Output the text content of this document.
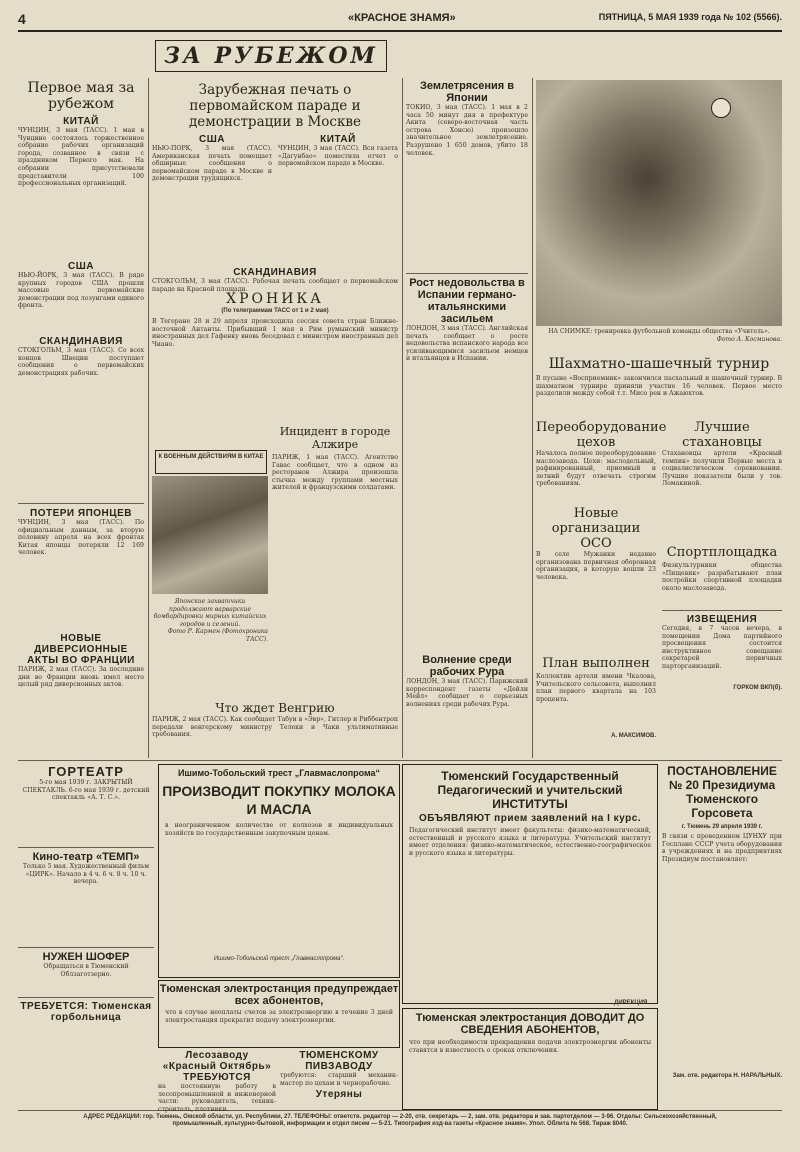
4	«КРАСНОЕ ЗНАМЯ»	ПЯТНИЦА, 5 МАЯ 1939 года № 102 (5566).
ЗА РУБЕЖОМ
Первое мая за рубежом
КИТАЙ
ЧУНЦИН, 3 мая (ТАСС). 1 мая в Чунцине состоялось торжественное собрание рабочих организаций города, созванное в связи с праздником Первого мая. На собрании присутствовали представители 100 профессиональных организаций.
США
НЬЮ-ЙОРК, 3 мая (ТАСС). В ряде крупных городов США прошли массовые первомайские демонстрации под лозунгами единого фронта.
СКАНДИНАВИЯ
СТОКГОЛЬМ, 3 мая (ТАСС). Со всех концов Швеции поступают сообщения о первомайских демонстрациях рабочих.
ПОТЕРИ ЯПОНЦЕВ
ЧУНЦИН, 3 мая (ТАСС). По официальным данным, за вторую половину апреля на всех фронтах Китая японцы потеряли 12 169 человек.
НОВЫЕ ДИВЕРСИОННЫЕ АКТЫ ВО ФРАНЦИИ
ПАРИЖ, 2 мая (ТАСС). За последние дни во Франции вновь имел место целый ряд диверсионных актов.
Зарубежная печать о первомайском параде и демонстрации в Москве
США
НЬЮ-ПОРК, 3 мая (ТАСС). Американская печать помещает обширные сообщения о первомайском параде в Москве и демонстрации трудящихся.
КИТАЙ
ЧУНЦИН, 3 мая (ТАСС). Вся газета «Дагунбао» поместила отчет о первомайском параде в Москве.
СКАНДИНАВИЯ
СТОКГОЛЬМ, 3 мая (ТАСС). Рабочая печать сообщает о первомайском параде на Красной площади.
ХРОНИКА
(По телеграммам ТАСС от 1 и 2 мая)
В Тегеране 28 и 29 апреля происходила сессия совета стран Ближне-восточной Антанты. Прибывший 1 мая в Рим румынский министр иностранных дел Гафенку вновь беседовал с министром иностранных дел Чиано.
К ВОЕННЫМ ДЕЙСТВИЯМ В КИТАЕ
Японские захватчики продолжают варварские бомбардировки мирных китайских городов и селений.
Фото Р. Кармен (Фотохроника ТАСС).
Инцидент в городе Алжире
ПАРИЖ, 1 мая (ТАСС). Агентство Гавас сообщает, что в одном из ресторанов Алжира произошла стычка между группами местных жителей и французскими солдатами.
Что ждет Венгрию
ПАРИЖ, 2 мая (ТАСС). Как сообщает Табуи в «Эвр», Гитлер и Риббентроп передали венгерскому министру Телеки и Чаки ультимативные требования.
Землетрясения в Японии
ТОКИО, 3 мая (ТАСС). 1 мая в 2 часа 50 минут дня в префектуре Акита (северо-восточная часть острова Хонсю) произошло значительное землетрясение. Разрушено 1 650 домов, убито 18 человек.
Рост недовольства в Испании германо-итальянскими засильем
ЛОНДОН, 3 мая (ТАСС). Английская печать сообщает о росте недовольства испанского народа все усиливающимися засильем немцев и итальянцев в Испании.
Волнение среди рабочих Рура
ЛОНДОН, 3 мая (ТАСС). Парижский корреспондент газеты «Дейли Мейл» сообщает о серьезных волнениях среди рабочих Рура.
НА СНИМКЕ: тренировка футбольной команды общества «Учитель».
Фото А. Косминова.
Шахматно-шашечный турнир
В пусыне «Восприемник» закончился пасхальный и шашечный турнир. В шахматном турнире приняли участие 16 человек. Первое место разделили между собой т.т. Мисо рен и Ажаюхтов.
Переоборудование цехов
Началось полное переоборудование маслозавода. Цехи: маслодельный, рафинированный, приемный и летний будут отвечать строгим требованиям.
Новые организации ОСО
В селе Мужанки недавно организована первичная оборонная организация, в которую вошли 23 человека.
План выполнен
Коллектив артели имени Чкалова, Учительского сельсовета, выполнил план первого квартала на 103 процента.
А. МАКСИМОВ.
Лучшие стахановцы
Стахановцы артели «Красный темпик» получили Первые места в социалистическом соревновании. Лучшие показатели были у тов. Ломакиной.
Спортплощадка
Физкультурники общества «Пищевик» разрабатывают план постройки спортивной площадки около маслозавода.
ИЗВЕЩЕНИЯ
Сегодня, в 7 часов вечера, в помещении Дома партийного просвещения состоится инструктивное совещание секретарей первичных парторганизаций.
ГОРКОМ ВКП(б).
ГОРТЕАТР
5-го мая 1939 г. ЗАКРЫТЫЙ СПЕКТАКЛЬ. 6-го мая 1939 г. детский спектакль «А. Т. С.».
Кино-театр «ТЕМП»
Только 5 мая. Художественный фильм «ЦИРК». Начало в 4 ч. 6 ч. 8 ч. 10 ч. вечера.
НУЖЕН ШОФЕР
Обращаться в Тюменский Облзаготзерно.
ТРЕБУЕТСЯ: Тюменская горбольница
Ишимо-Тобольский трест „Главмаслопрома“
ПРОИЗВОДИТ ПОКУПКУ МОЛОКА И МАСЛА
в неограниченном количестве от колхозов и индивидуальных хозяйств по государственным закупочным ценам.
Ишимо-Тобольский трест „Главмаслопрома“.
Тюменская электростанция предупреждает всех абонентов,
что в случае неоплаты счетов за электроэнергию в течение 3 дней электростанция прекратит подачу электроэнергии.
Лесозаводу «Красный Октябрь» ТРЕБУЮТСЯ
на постоянную работу в лесопромышленной и инженерной части: руководитель, техник-строитель, плотники.
ТЮМЕНСКОМУ ПИВЗАВОДУ
требуются: старший механик-мастер по цехам и чернорабочие.
Утеряны
Тюменский Государственный Педагогический и учительский ИНСТИТУТЫ
ОБЪЯВЛЯЮТ прием заявлений на I курс.
Педагогический институт имеет факультеты: физико-математический, естественный и русского языка и литературы. Учительский институт имеет отделения: физико-математическое, естественно-географическое и русского языка и литературы.
ДИРЕКЦИЯ.
Тюменская электростанция ДОВОДИТ ДО СВЕДЕНИЯ АБОНЕНТОВ,
что при необходимости прекращения подачи электроэнергии абоненты ставятся в известность о сроках отключения.
ПОСТАНОВЛЕНИЕ № 20 Президиума Тюменского Горсовета
г. Тюмень 29 апреля 1939 г.
В связи с проведением ЦУНХУ при Госплане СССР учета оборудования в учреждениях и на предприятиях Президиум постановляет:
Зам. отв. редактора Н. НАРАЛЬНЫХ.
АДРЕС РЕДАКЦИИ: гор. Тюмень, Омской области, ул. Республики, 27. ТЕЛЕФОНЫ: ответств. редактор — 2-20, отв. секретарь — 2, зам. отв. редактора и зав. партотделом — 3-96. Отделы: Сельскохозяйственный,
промышленный, культурно-бытовой, информации и отдел писем — 5-21. Типография изд-ва газеты «Красное знамя». Упол. Облита № 568. Тираж 8040.
